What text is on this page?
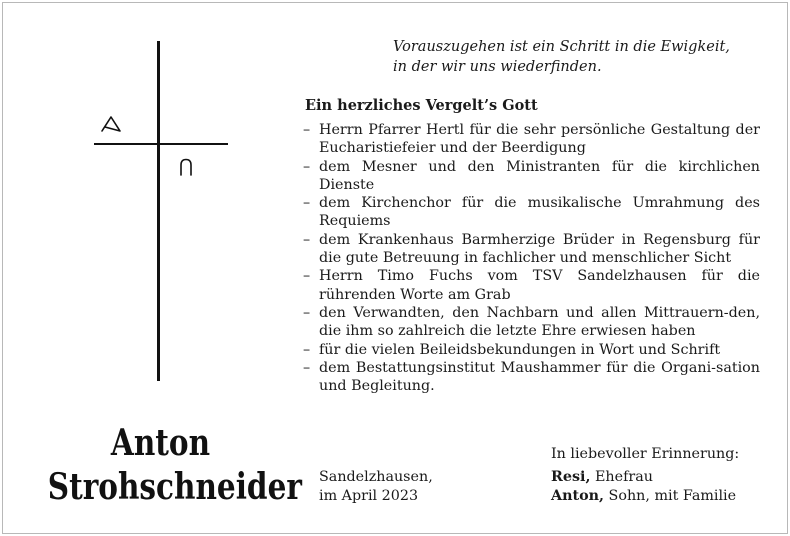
Anton
Strohschneider
Vorauszugehen ist ein Schritt in die Ewigkeit,
in der wir uns wiederfinden.
Ein herzliches Vergelt’s Gott
– Herrn Pfarrer Hertl für die sehr persönliche Gestaltung der Eucharistiefeier und der Beerdigung
– dem Mesner und den Ministranten für die kirchlichen Dienste
– dem Kirchenchor für die musikalische Umrahmung des Requiems
– dem Krankenhaus Barmherzige Brüder in Regensburg für die gute Betreuung in fachlicher und menschlicher Sicht
– Herrn Timo Fuchs vom TSV Sandelzhausen für die rührenden Worte am Grab
– den Verwandten, den Nachbarn und allen Mittrauern-den, die ihm so zahlreich die letzte Ehre erwiesen haben
– für die vielen Beileidsbekundungen in Wort und Schrift
– dem Bestattungsinstitut Maushammer für die Organi-sation und Begleitung.
In liebevoller Erinnerung:
Sandelzhausen,
im April 2023
Resi, Ehefrau
Anton, Sohn, mit Familie
